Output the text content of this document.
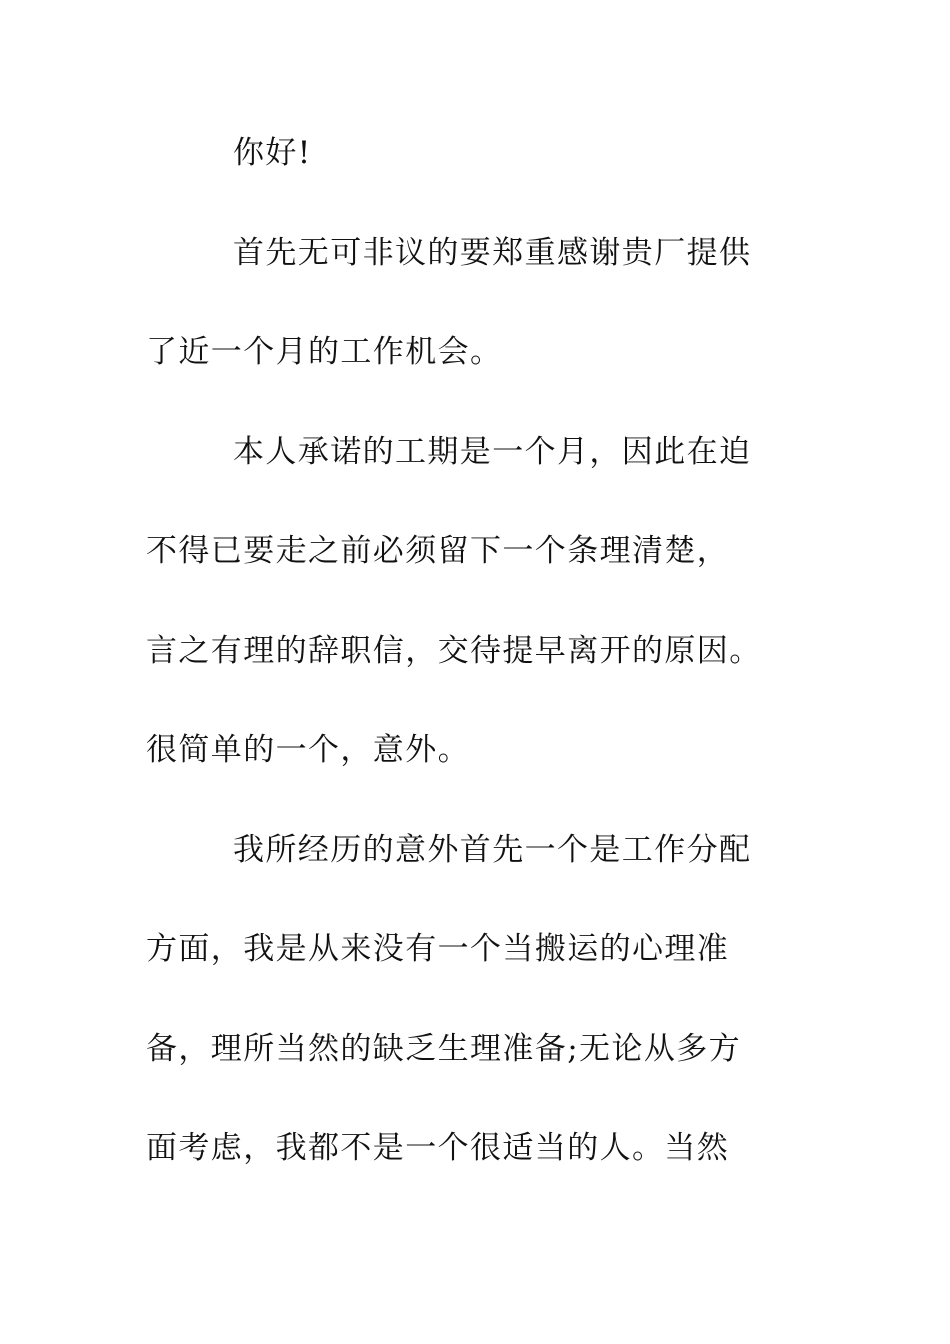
你好!
首先无可非议的要郑重感谢贵厂提供
了近一个月的工作机会。
本人承诺的工期是一个月，因此在迫
不得已要走之前必须留下一个条理清楚，
言之有理的辞职信，交待提早离开的原因。
很简单的一个，意外。
我所经历的意外首先一个是工作分配
方面，我是从来没有一个当搬运的心理准
备，理所当然的缺乏生理准备;无论从多方
面考虑，我都不是一个很适当的人。当然
